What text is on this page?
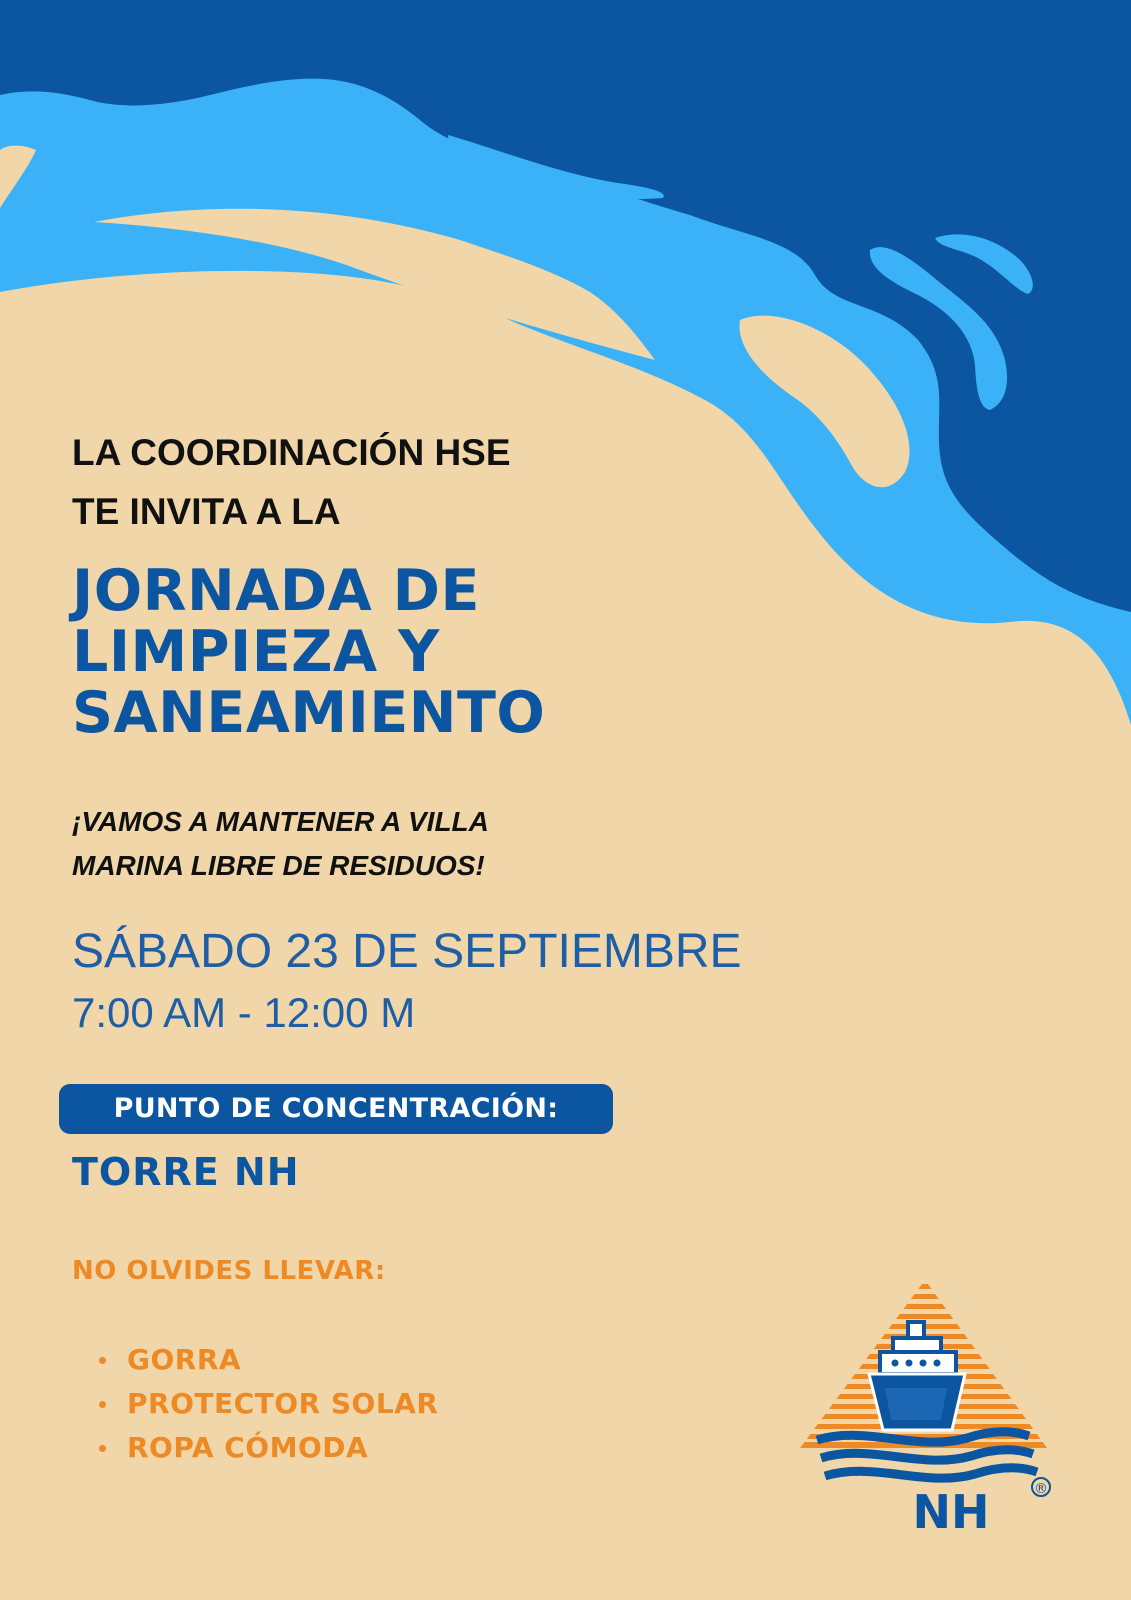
LA COORDINACIÓN HSE

TE INVITA A LA

JORNADA DE
LIMPIEZA Y
SANEAMIENTO

¡VAMOS A MANTENER A VILLA

MARINA LIBRE DE RESIDUOS!

SÁBADO 23 DE SEPTIEMBRE

7:00 AM - 12:00 M

PUNTO DE CONCENTRACIÓN:

TORRE NH

NO OLVIDES LLEVAR:

GORRA
PROTECTOR SOLAR
ROPA CÓMODA
NH	®
